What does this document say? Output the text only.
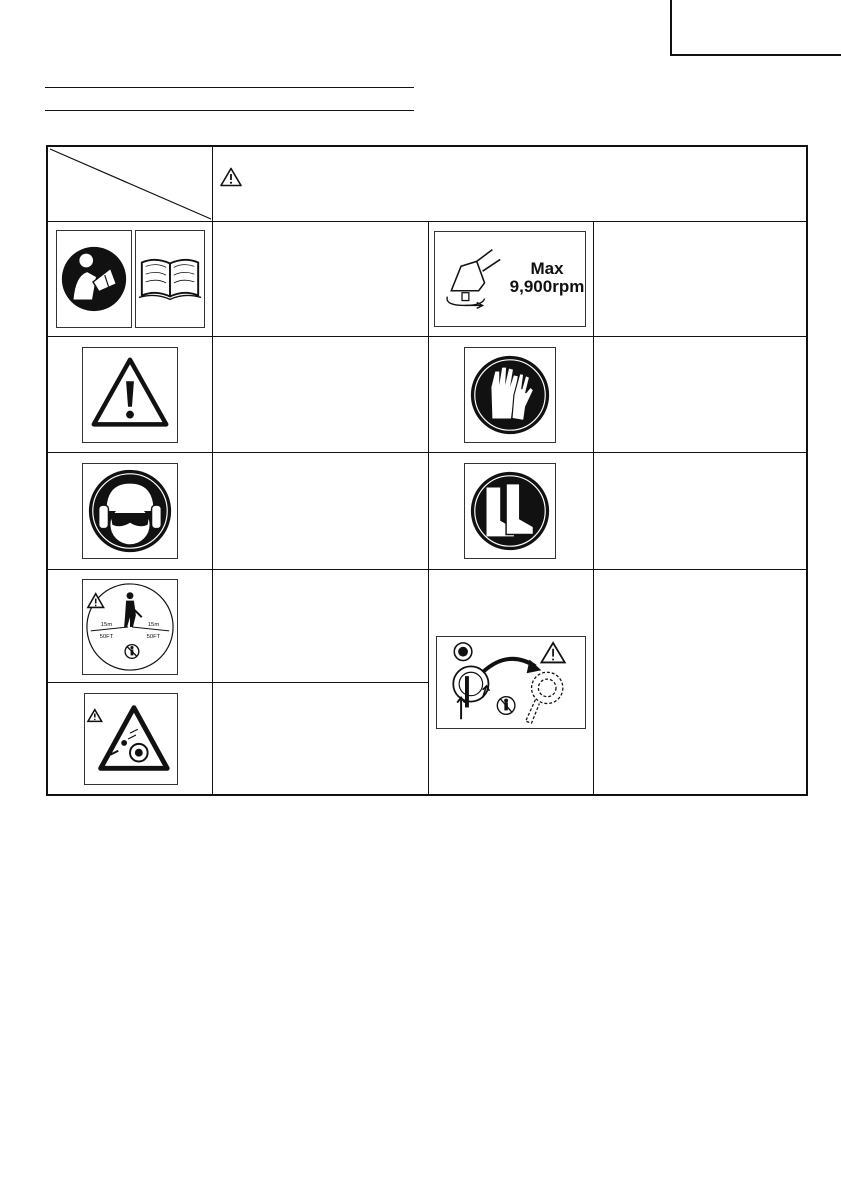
Max
9,900rpm
15m
50FT
15m
50FT
